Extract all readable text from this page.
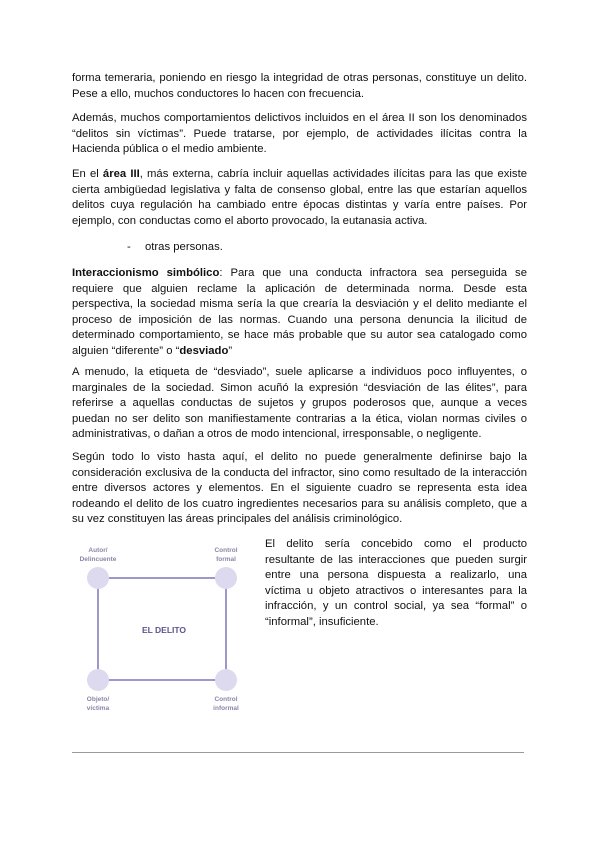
forma temeraria, poniendo en riesgo la integridad de otras personas, constituye un delito. Pese a ello, muchos conductores lo hacen con frecuencia.

Además, muchos comportamientos delictivos incluidos en el área II son los denominados “delitos sin víctimas”. Puede tratarse, por ejemplo, de actividades ilícitas contra la Hacienda pública o el medio ambiente.

En el área III, más externa, cabría incluir aquellas actividades ilícitas para las que existe cierta ambigüedad legislativa y falta de consenso global, entre las que estarían aquellos delitos cuya regulación ha cambiado entre épocas distintas y varía entre países. Por ejemplo, con conductas como el aborto provocado, la eutanasia activa.

- otras personas.

Interaccionismo simbólico: Para que una conducta infractora sea perseguida se requiere que alguien reclame la aplicación de determinada norma. Desde esta perspectiva, la sociedad misma sería la que crearía la desviación y el delito mediante el proceso de imposición de las normas. Cuando una persona denuncia la ilicitud de determinado comportamiento, se hace más probable que su autor sea catalogado como alguien “diferente” o “desviado”

A menudo, la etiqueta de “desviado”, suele aplicarse a individuos poco influyentes, o marginales de la sociedad. Simon acuñó la expresión “desviación de las élites”, para referirse a aquellas conductas de sujetos y grupos poderosos que, aunque a veces puedan no ser delito son manifiestamente contrarias a la ética, violan normas civiles o administrativas, o dañan a otros de modo intencional, irresponsable, o negligente.

Según todo lo visto hasta aquí, el delito no puede generalmente definirse bajo la consideración exclusiva de la conducta del infractor, sino como resultado de la interacción entre diversos actores y elementos. En el siguiente cuadro se representa esta idea rodeando el delito de los cuatro ingredientes necesarios para su análisis completo, que a su vez constituyen las áreas principales del análisis criminológico.

Autor/
Delincuente
Control
formal
EL DELITO
Objeto/
víctima
Control
informal

El delito sería concebido como el producto resultante de las interacciones que pueden surgir entre una persona dispuesta a realizarlo, una víctima u objeto atractivos o interesantes para la infracción, y un control social, ya sea “formal” o “informal”, insuficiente.
